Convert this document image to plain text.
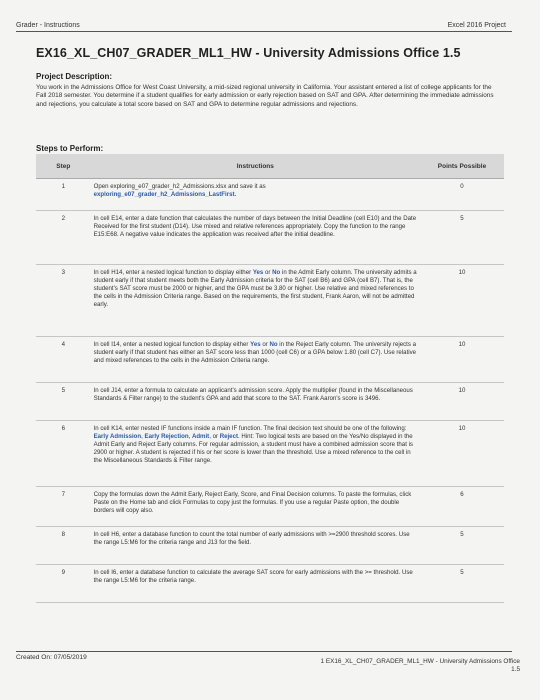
Grader - Instructions	Excel 2016 Project
EX16_XL_CH07_GRADER_ML1_HW - University Admissions Office 1.5
Project Description:
You work in the Admissions Office for West Coast University, a mid-sized regional university in California. Your assistant entered a list of college applicants for the Fall 2018 semester. You determine if a student qualifies for early admission or early rejection based on SAT and GPA. After determining the immediate admissions and rejections, you calculate a total score based on SAT and GPA to determine regular admissions and rejections.
Steps to Perform:
Step	Instructions	Points Possible
1	Open exploring_e07_grader_h2_Admissions.xlsx and save it as
exploring_e07_grader_h2_Admissions_LastFirst.	0
2	In cell E14, enter a date function that calculates the number of days between the Initial Deadline (cell E10) and the Date Received for the first student (D14). Use mixed and relative references appropriately. Copy the function to the range E15:E68. A negative value indicates the application was received after the initial deadline.	5
3	In cell H14, enter a nested logical function to display either Yes or No in the Admit Early column. The university admits a student early if that student meets both the Early Admission criteria for the SAT (cell B6) and GPA (cell B7). That is, the student's SAT score must be 2000 or higher, and the GPA must be 3.80 or higher. Use relative and mixed references to the cells in the Admission Criteria range. Based on the requirements, the first student, Frank Aaron, will not be admitted early.	10
4	In cell I14, enter a nested logical function to display either Yes or No in the Reject Early column. The university rejects a student early if that student has either an SAT score less than 1000 (cell C6) or a GPA below 1.80 (cell C7). Use relative and mixed references to the cells in the Admission Criteria range.	10
5	In cell J14, enter a formula to calculate an applicant's admission score. Apply the multiplier (found in the Miscellaneous Standards & Filter range) to the student's GPA and add that score to the SAT. Frank Aaron's score is 3496.	10
6	In cell K14, enter nested IF functions inside a main IF function. The final decision text should be one of the following: Early Admission, Early Rejection, Admit, or Reject. Hint: Two logical tests are based on the Yes/No displayed in the Admit Early and Reject Early columns. For regular admission, a student must have a combined admission score that is 2900 or higher. A student is rejected if his or her score is lower than the threshold. Use a mixed reference to the cell in the Miscellaneous Standards & Filter range.	10
7	Copy the formulas down the Admit Early, Reject Early, Score, and Final Decision columns. To paste the formulas, click Paste on the Home tab and click Formulas to copy just the formulas. If you use a regular Paste option, the double borders will copy also.	6
8	In cell H6, enter a database function to count the total number of early admissions with >=2900 threshold scores. Use the range L5:M6 for the criteria range and J13 for the field.	5
9	In cell I6, enter a database function to calculate the average SAT score for early admissions with the >= threshold. Use the range L5:M6 for the criteria range.	5
Created On: 07/05/2019
1 EX16_XL_CH07_GRADER_ML1_HW - University Admissions Office
1.5
